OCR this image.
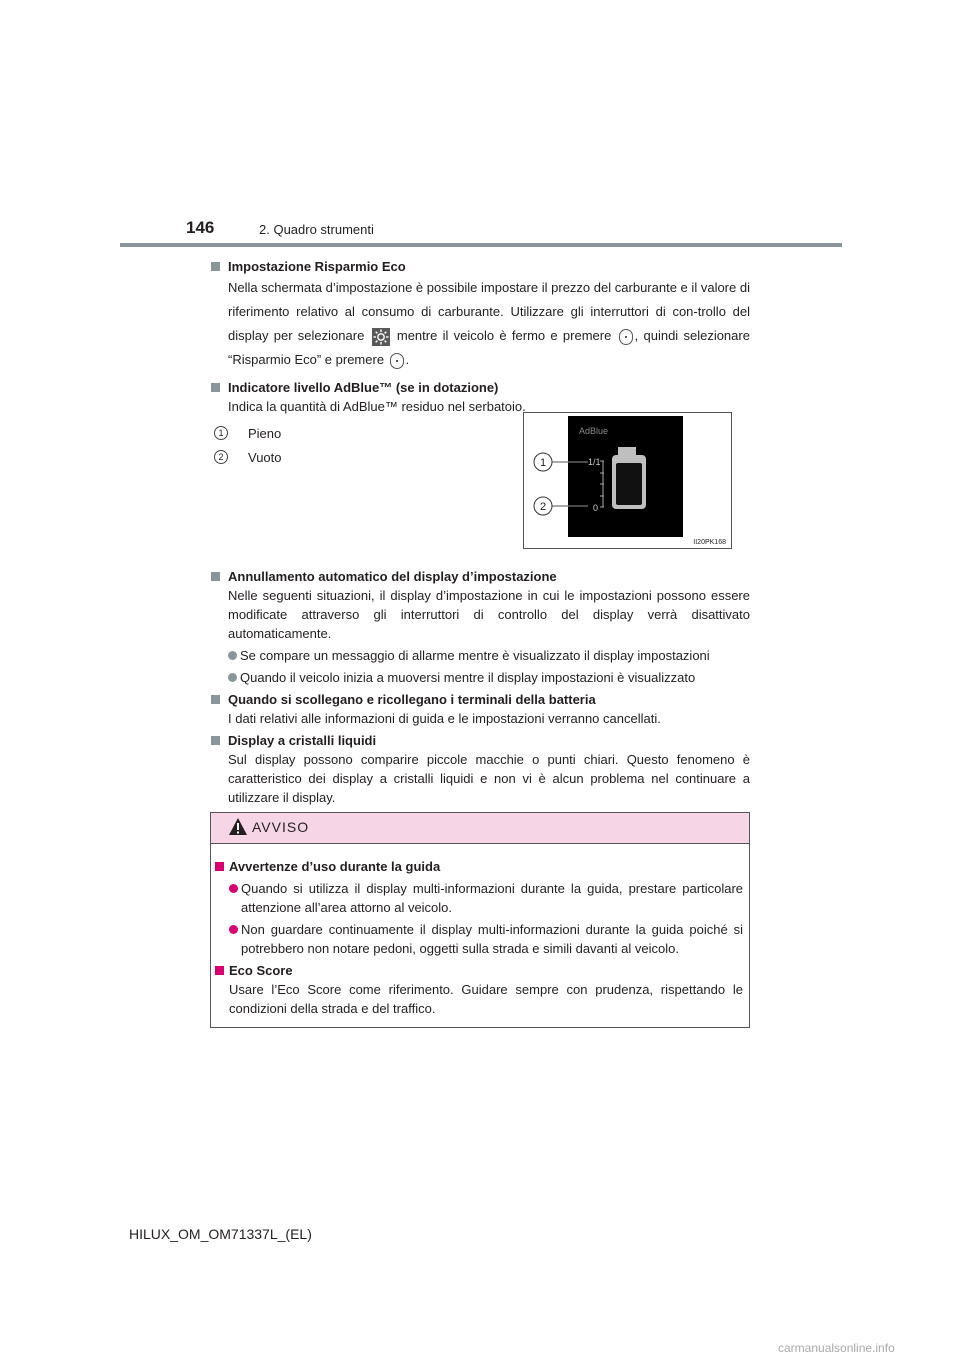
146	2. Quadro strumenti
Impostazione Risparmio Eco
Nella schermata d’impostazione è possibile impostare il prezzo del carburante e il valore di riferimento relativo al consumo di carburante. Utilizzare gli interruttori di con-trollo del display per selezionare	mentre il veicolo è fermo e premere , quindi selezionare “Risparmio Eco” e premere .
Indicatore livello AdBlue™ (se in dotazione)
Indica la quantità di AdBlue™ residuo nel serbatoio.
1	Pieno
2	Vuoto
Annullamento automatico del display d’impostazione
Nelle seguenti situazioni, il display d’impostazione in cui le impostazioni possono essere modificate attraverso gli interruttori di controllo del display verrà disattivato automaticamente.
Se compare un messaggio di allarme mentre è visualizzato il display impostazioni
Quando il veicolo inizia a muoversi mentre il display impostazioni è visualizzato
Quando si scollegano e ricollegano i terminali della batteria
I dati relativi alle informazioni di guida e le impostazioni verranno cancellati.
Display a cristalli liquidi
Sul display possono comparire piccole macchie o punti chiari. Questo fenomeno è caratteristico dei display a cristalli liquidi e non vi è alcun problema nel continuare a utilizzare il display.
AdBlue
1/1
0
1
2
II20PK168
AVVISO
Avvertenze d’uso durante la guida
Quando si utilizza il display multi-informazioni durante la guida, prestare particolare attenzione all’area attorno al veicolo.
Non guardare continuamente il display multi-informazioni durante la guida poiché si potrebbero non notare pedoni, oggetti sulla strada e simili davanti al veicolo.
Eco Score
Usare l’Eco Score come riferimento. Guidare sempre con prudenza, rispettando le condizioni della strada e del traffico.
HILUX_OM_OM71337L_(EL)
carmanualsonline.info
